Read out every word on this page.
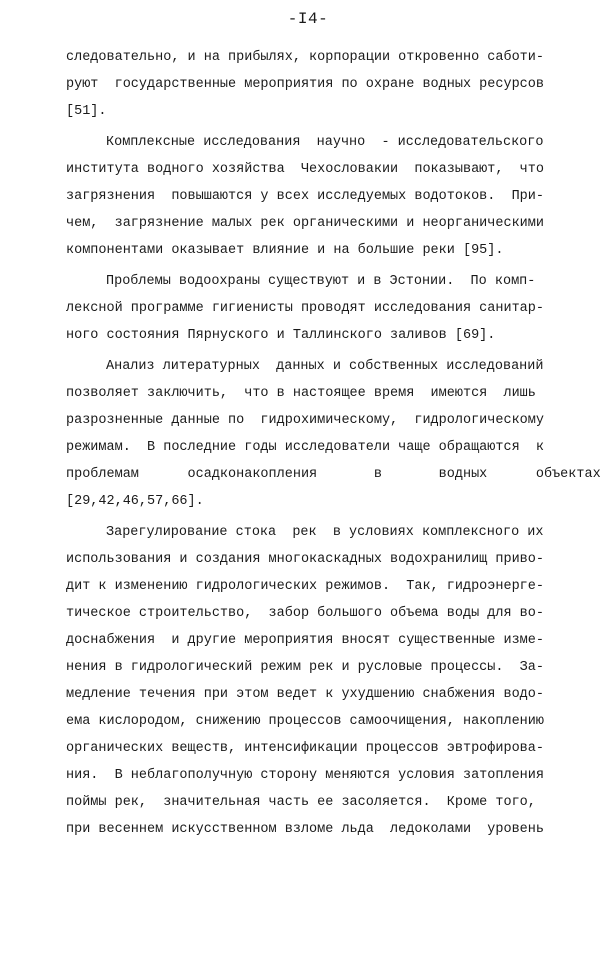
-I4-
следовательно, и на прибылях, корпорации откровенно саботи-
руют  государственные мероприятия по охране водных ресурсов
[51].
Комплексные исследования  научно  - исследовательского
института водного хозяйства  Чехословакии  показывают,  что
загрязнения  повышаются у всех исследуемых водотоков.  При-
чем,  загрязнение малых рек органическими и неорганическими
компонентами оказывает влияние и на большие реки [95].
Проблемы водоохраны существуют и в Эстонии.  По комп-
лексной программе гигиенисты проводят исследования санитар-
ного состояния Пярнуского и Таллинского заливов [69].
Анализ литературных  данных и собственных исследований
позволяет заключить,  что в настоящее время  имеются  лишь
разрозненные данные по  гидрохимическому,  гидрологическому
режимам.  В последние годы исследователи чаще обращаются  к
проблемам      осадконакопления       в       водных      объектах
[29,42,46,57,66].
Зарегулирование стока  рек  в условиях комплексного их
использования и создания многокаскадных водохранилищ приво-
дит к изменению гидрологических режимов.  Так, гидроэнерге-
тическое строительство,  забор большого объема воды для во-
доснабжения  и другие мероприятия вносят существенные изме-
нения в гидрологический режим рек и русловые процессы.  За-
медление течения при этом ведет к ухудшению снабжения водо-
ема кислородом, снижению процессов самоочищения, накоплению
органических веществ, интенсификации процессов эвтрофирова-
ния.  В неблагополучную сторону меняются условия затопления
поймы рек,  значительная часть ее засоляется.  Кроме того,
при весеннем искусственном взломе льда  ледоколами  уровень
